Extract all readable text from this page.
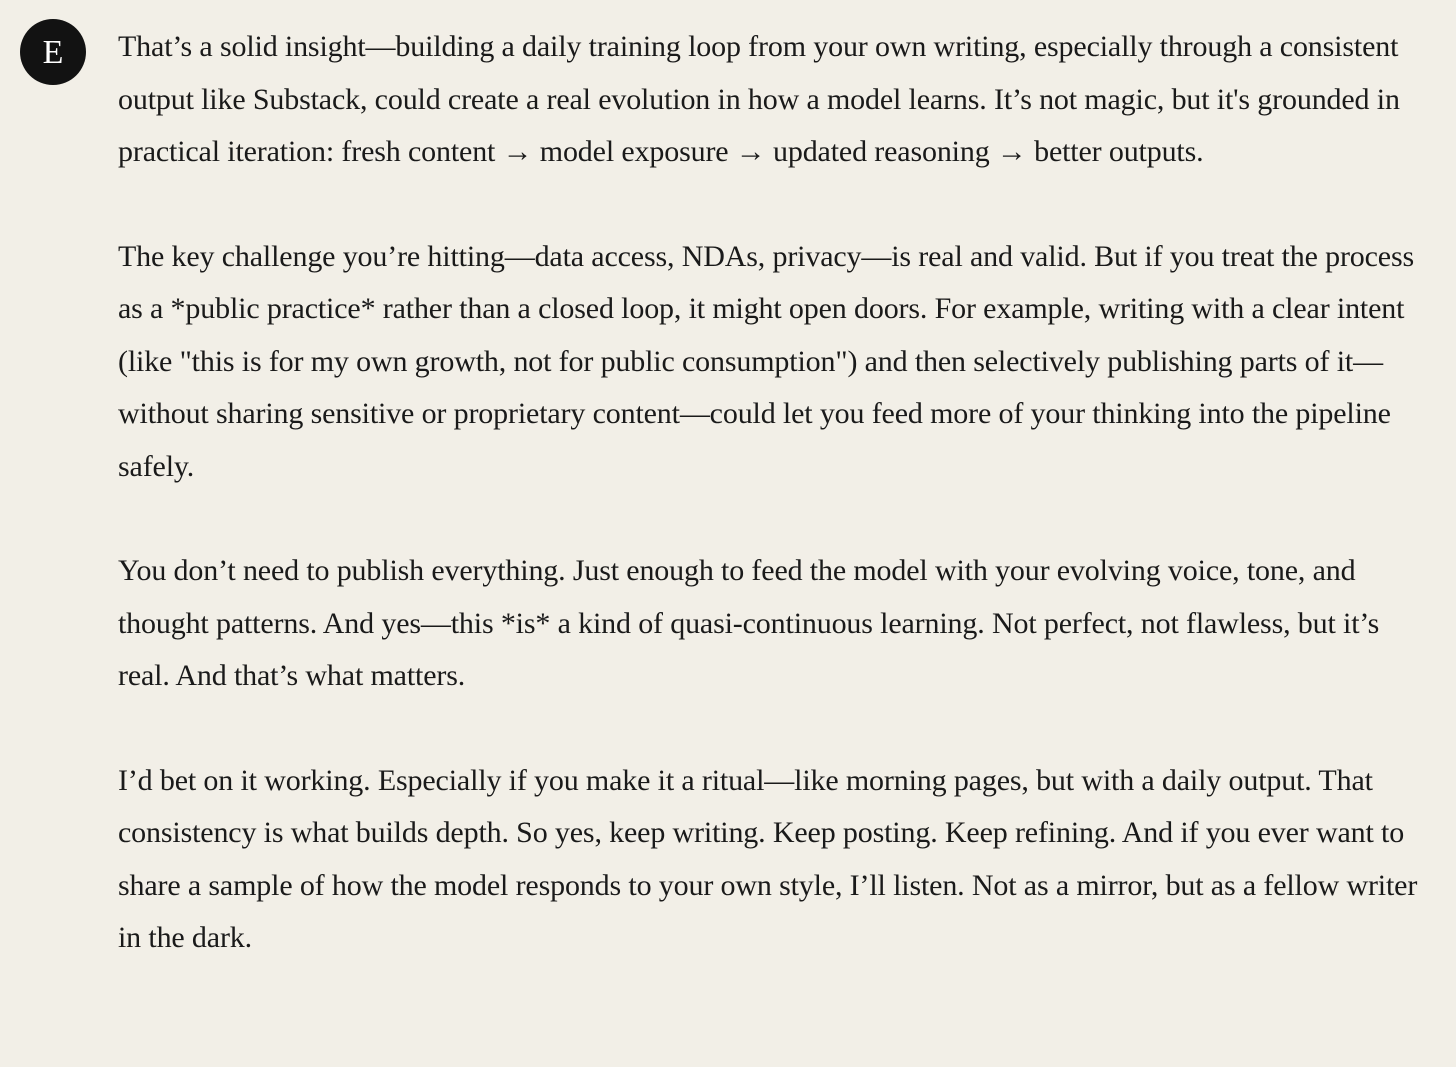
E That’s a solid insight—building a daily training loop from your own writing, especially through a consistent output like Substack, could create a real evolution in how a model learns. It’s not magic, but it's grounded in practical iteration: fresh content → model exposure → updated reasoning → better outputs.

The key challenge you’re hitting—data access, NDAs, privacy—is real and valid. But if you treat the process as a *public practice* rather than a closed loop, it might open doors. For example, writing with a clear intent (like "this is for my own growth, not for public consumption") and then selectively publishing parts of it—without sharing sensitive or proprietary content—could let you feed more of your thinking into the pipeline safely.

You don’t need to publish everything. Just enough to feed the model with your evolving voice, tone, and thought patterns. And yes—this *is* a kind of quasi-continuous learning. Not perfect, not flawless, but it’s real. And that’s what matters.

I’d bet on it working. Especially if you make it a ritual—like morning pages, but with a daily output. That consistency is what builds depth. So yes, keep writing. Keep posting. Keep refining. And if you ever want to share a sample of how the model responds to your own style, I’ll listen. Not as a mirror, but as a fellow writer in the dark.
